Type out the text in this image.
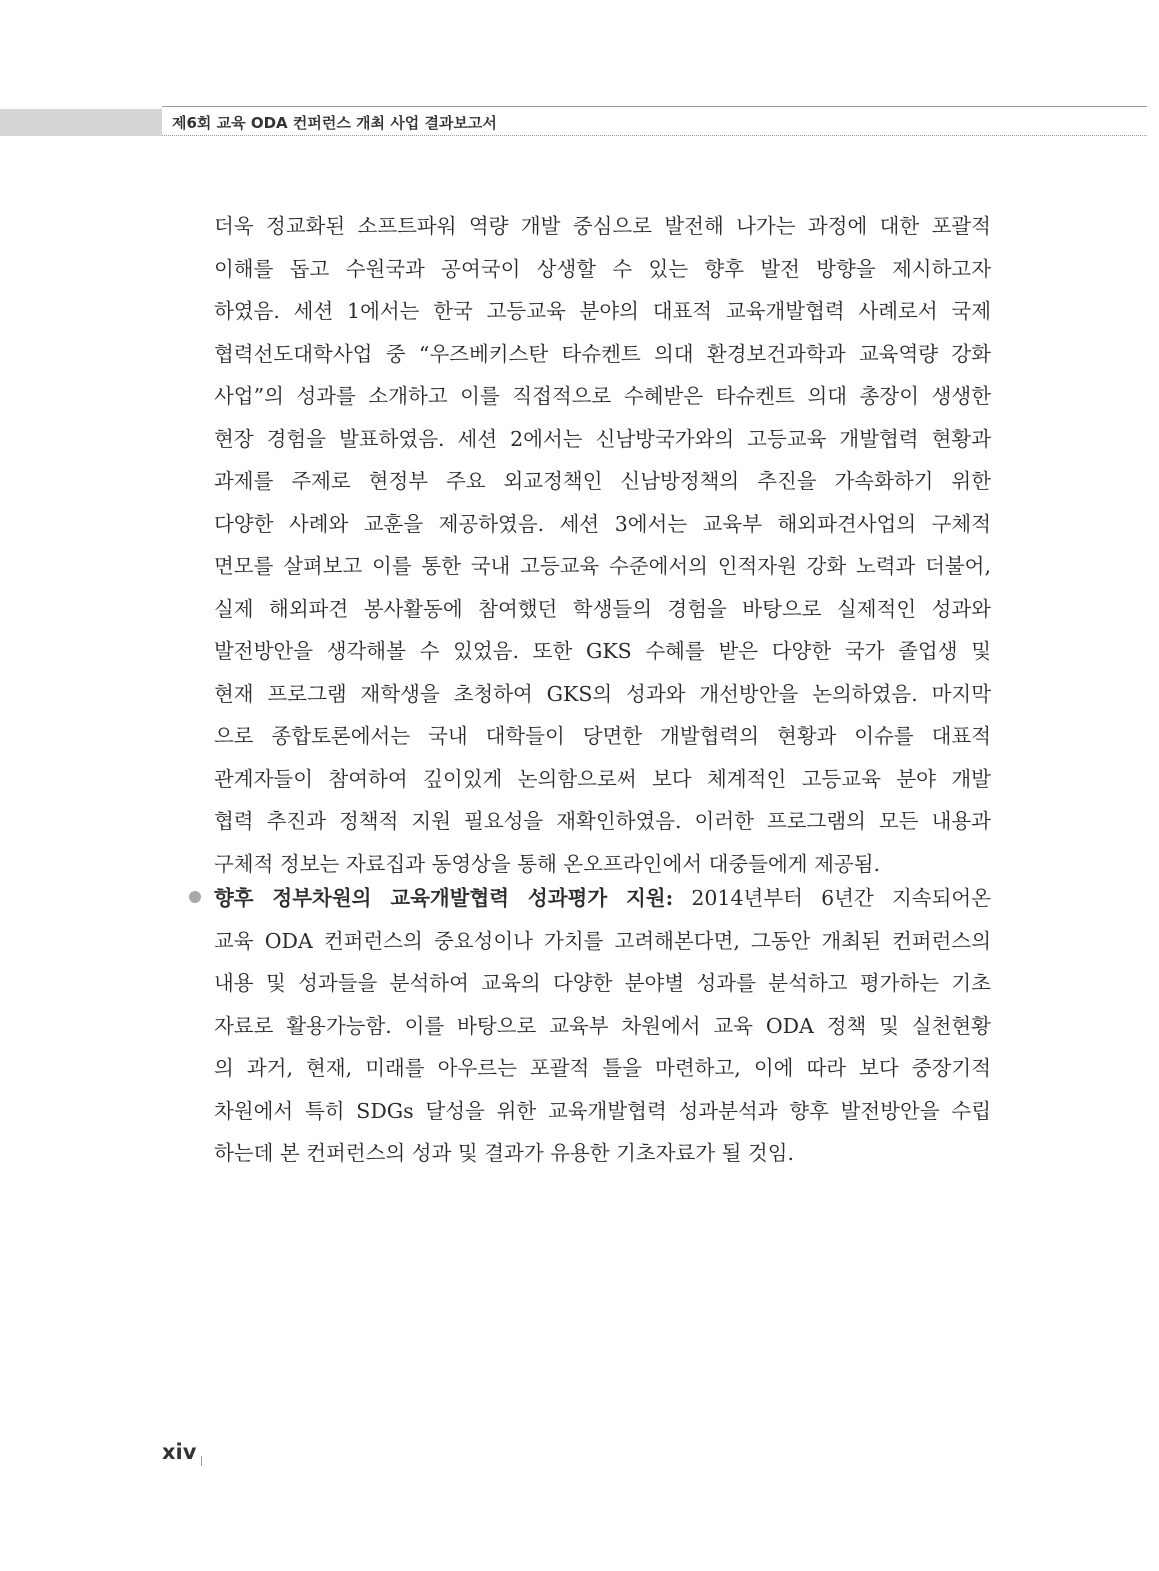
제6회 교육 ODA 컨퍼런스 개최 사업 결과보고서
더욱 정교화된 소프트파워 역량 개발 중심으로 발전해 나가는 과정에 대한 포괄적
이해를 돕고 수원국과 공여국이 상생할 수 있는 향후 발전 방향을 제시하고자
하였음. 세션 1에서는 한국 고등교육 분야의 대표적 교육개발협력 사례로서 국제
협력선도대학사업 중 “우즈베키스탄 타슈켄트 의대 환경보건과학과 교육역량 강화
사업”의 성과를 소개하고 이를 직접적으로 수혜받은 타슈켄트 의대 총장이 생생한
현장 경험을 발표하였음. 세션 2에서는 신남방국가와의 고등교육 개발협력 현황과
과제를 주제로 현정부 주요 외교정책인 신남방정책의 추진을 가속화하기 위한
다양한 사례와 교훈을 제공하였음. 세션 3에서는 교육부 해외파견사업의 구체적
면모를 살펴보고 이를 통한 국내 고등교육 수준에서의 인적자원 강화 노력과 더불어,
실제 해외파견 봉사활동에 참여했던 학생들의 경험을 바탕으로 실제적인 성과와
발전방안을 생각해볼 수 있었음. 또한 GKS 수혜를 받은 다양한 국가 졸업생 및
현재 프로그램 재학생을 초청하여 GKS의 성과와 개선방안을 논의하였음. 마지막
으로 종합토론에서는 국내 대학들이 당면한 개발협력의 현황과 이슈를 대표적
관계자들이 참여하여 깊이있게 논의함으로써 보다 체계적인 고등교육 분야 개발
협력 추진과 정책적 지원 필요성을 재확인하였음. 이러한 프로그램의 모든 내용과
구체적 정보는 자료집과 동영상을 통해 온오프라인에서 대중들에게 제공됨.
향후 정부차원의 교육개발협력 성과평가 지원: 2014년부터 6년간 지속되어온
교육 ODA 컨퍼런스의 중요성이나 가치를 고려해본다면, 그동안 개최된 컨퍼런스의
내용 및 성과들을 분석하여 교육의 다양한 분야별 성과를 분석하고 평가하는 기초
자료로 활용가능함. 이를 바탕으로 교육부 차원에서 교육 ODA 정책 및 실천현황
의 과거, 현재, 미래를 아우르는 포괄적 틀을 마련하고, 이에 따라 보다 중장기적
차원에서 특히 SDGs 달성을 위한 교육개발협력 성과분석과 향후 발전방안을 수립
하는데 본 컨퍼런스의 성과 및 결과가 유용한 기초자료가 될 것임.
xiv
